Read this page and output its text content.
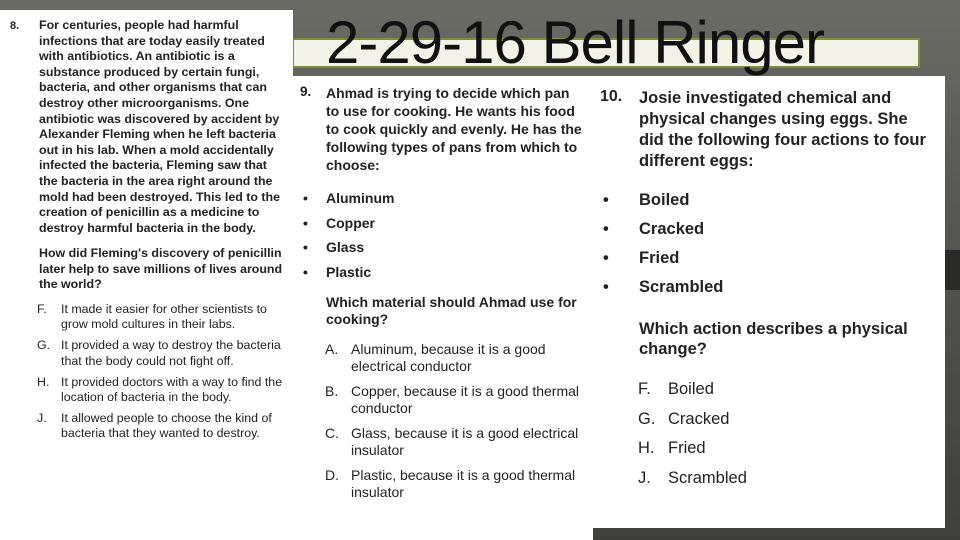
2-29-16 Bell Ringer
8.	For centuries, people had harmful infections that are today easily treated with antibiotics. An antibiotic is a substance produced by certain fungi, bacteria, and other organisms that can destroy other microorganisms. One antibiotic was discovered by accident by Alexander Fleming when he left bacteria out in his lab. When a mold accidentally infected the bacteria, Fleming saw that the bacteria in the area right around the mold had been destroyed. This led to the creation of penicillin as a medicine to destroy harmful bacteria in the body.
How did Fleming's discovery of penicillin later help to save millions of lives around the world?
F.	It made it easier for other scientists to grow mold cultures in their labs.
G. It provided a way to destroy the bacteria that the body could not fight off.
H. It provided doctors with a way to find the location of bacteria in the body.
J.	It allowed people to choose the kind of bacteria that they wanted to destroy.
9.	Ahmad is trying to decide which pan to use for cooking. He wants his food to cook quickly and evenly. He has the following types of pans from which to choose:
•	Aluminum
•	Copper
•	Glass
•	Plastic
Which material should Ahmad use for cooking?
A. Aluminum, because it is a good electrical conductor
B. Copper, because it is a good thermal conductor
C. Glass, because it is a good electrical insulator
D. Plastic, because it is a good thermal insulator
10.	Josie investigated chemical and physical changes using eggs. She did the following four actions to four different eggs:
•	Boiled
•	Cracked
•	Fried
•	Scrambled
Which action describes a physical change?
F.	Boiled
G. Cracked
H. Fried
J.	Scrambled
